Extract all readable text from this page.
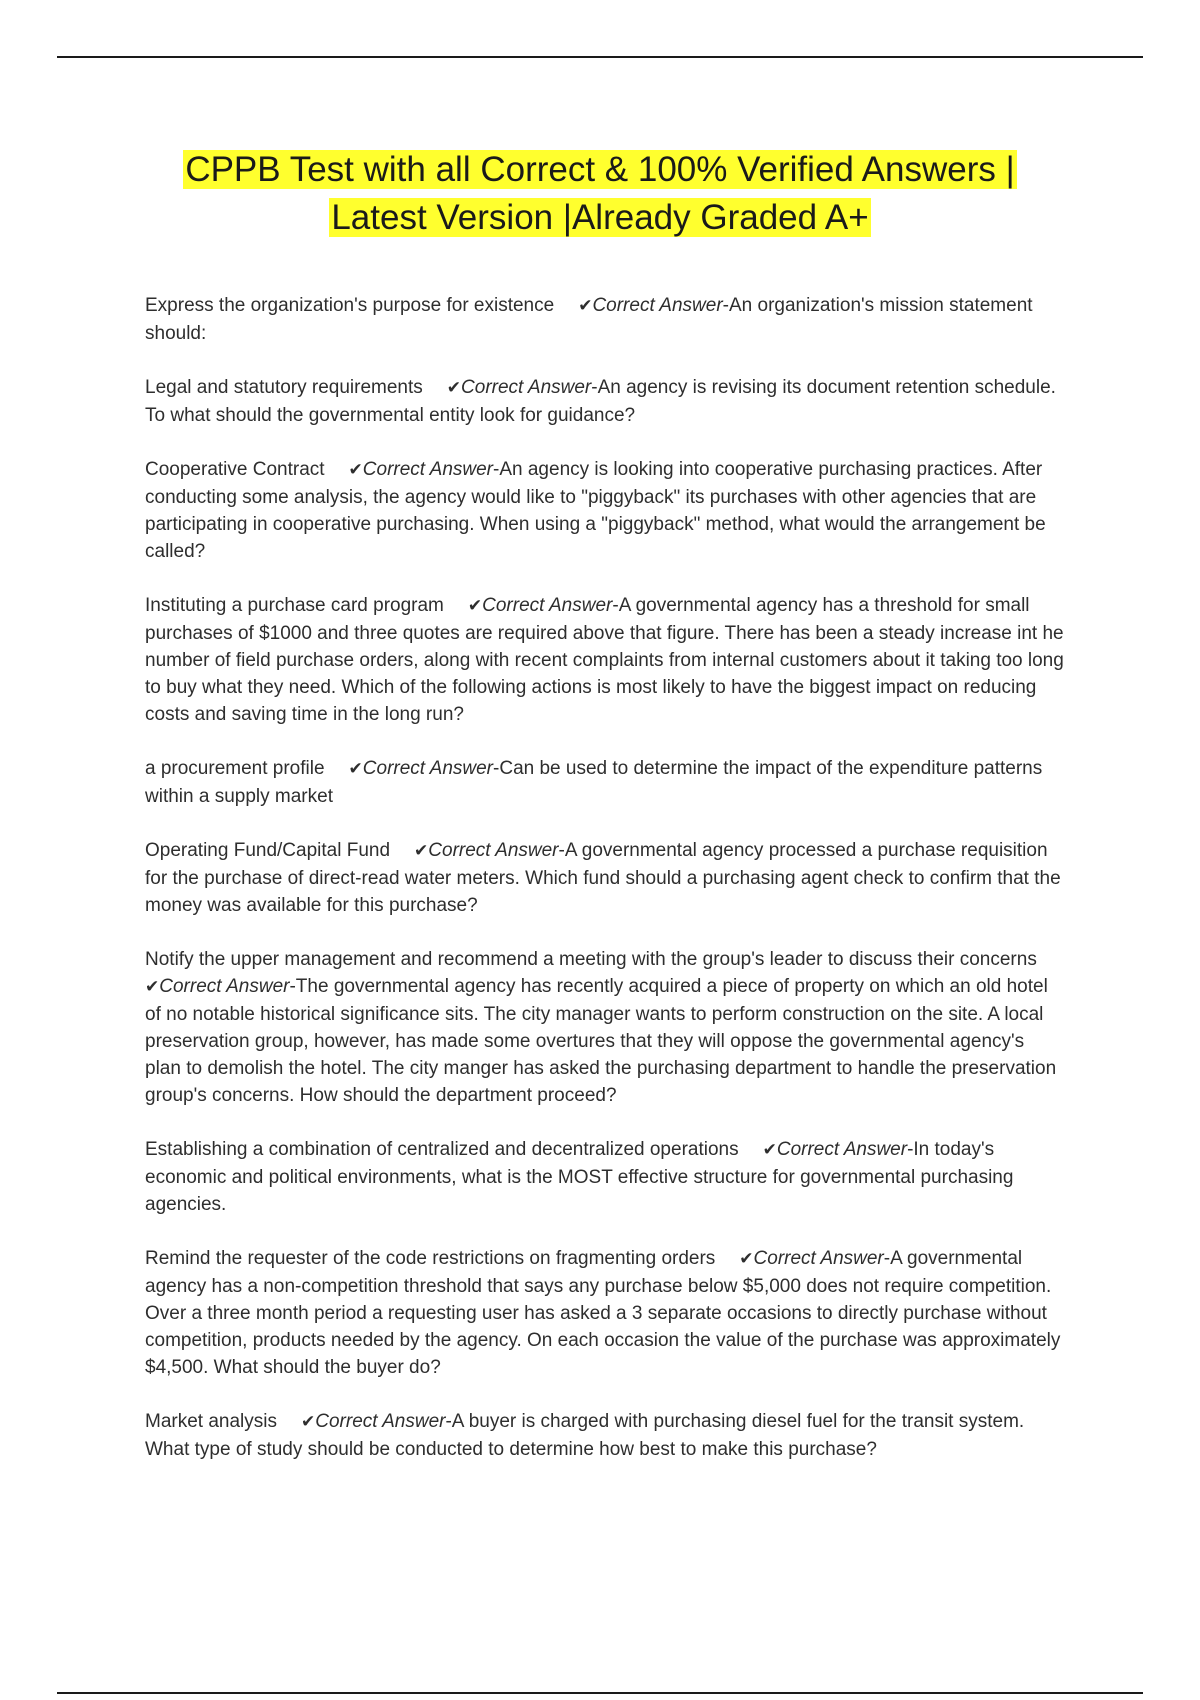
CPPB Test with all Correct & 100% Verified Answers |
Latest Version |Already Graded A+

Express the organization's purpose for existence ✔Correct Answer-An organization's mission statement should:

Legal and statutory requirements ✔Correct Answer-An agency is revising its document retention schedule. To what should the governmental entity look for guidance?

Cooperative Contract ✔Correct Answer-An agency is looking into cooperative purchasing practices. After conducting some analysis, the agency would like to "piggyback" its purchases with other agencies that are participating in cooperative purchasing. When using a "piggyback" method, what would the arrangement be called?

Instituting a purchase card program ✔Correct Answer-A governmental agency has a threshold for small purchases of $1000 and three quotes are required above that figure. There has been a steady increase int he number of field purchase orders, along with recent complaints from internal customers about it taking too long to buy what they need. Which of the following actions is most likely to have the biggest impact on reducing costs and saving time in the long run?

a procurement profile ✔Correct Answer-Can be used to determine the impact of the expenditure patterns within a supply market

Operating Fund/Capital Fund ✔Correct Answer-A governmental agency processed a purchase requisition for the purchase of direct-read water meters. Which fund should a purchasing agent check to confirm that the money was available for this purchase?

Notify the upper management and recommend a meeting with the group's leader to discuss their concerns✔Correct Answer-The governmental agency has recently acquired a piece of property on which an old hotel of no notable historical significance sits. The city manager wants to perform construction on the site. A local preservation group, however, has made some overtures that they will oppose the governmental agency's plan to demolish the hotel. The city manger has asked the purchasing department to handle the preservation group's concerns. How should the department proceed?

Establishing a combination of centralized and decentralized operations ✔Correct Answer-In today's economic and political environments, what is the MOST effective structure for governmental purchasing agencies.

Remind the requester of the code restrictions on fragmenting orders ✔Correct Answer-A governmental agency has a non-competition threshold that says any purchase below $5,000 does not require competition. Over a three month period a requesting user has asked a 3 separate occasions to directly purchase without competition, products needed by the agency. On each occasion the value of the purchase was approximately $4,500. What should the buyer do?

Market analysis ✔Correct Answer-A buyer is charged with purchasing diesel fuel for the transit system. What type of study should be conducted to determine how best to make this purchase?
